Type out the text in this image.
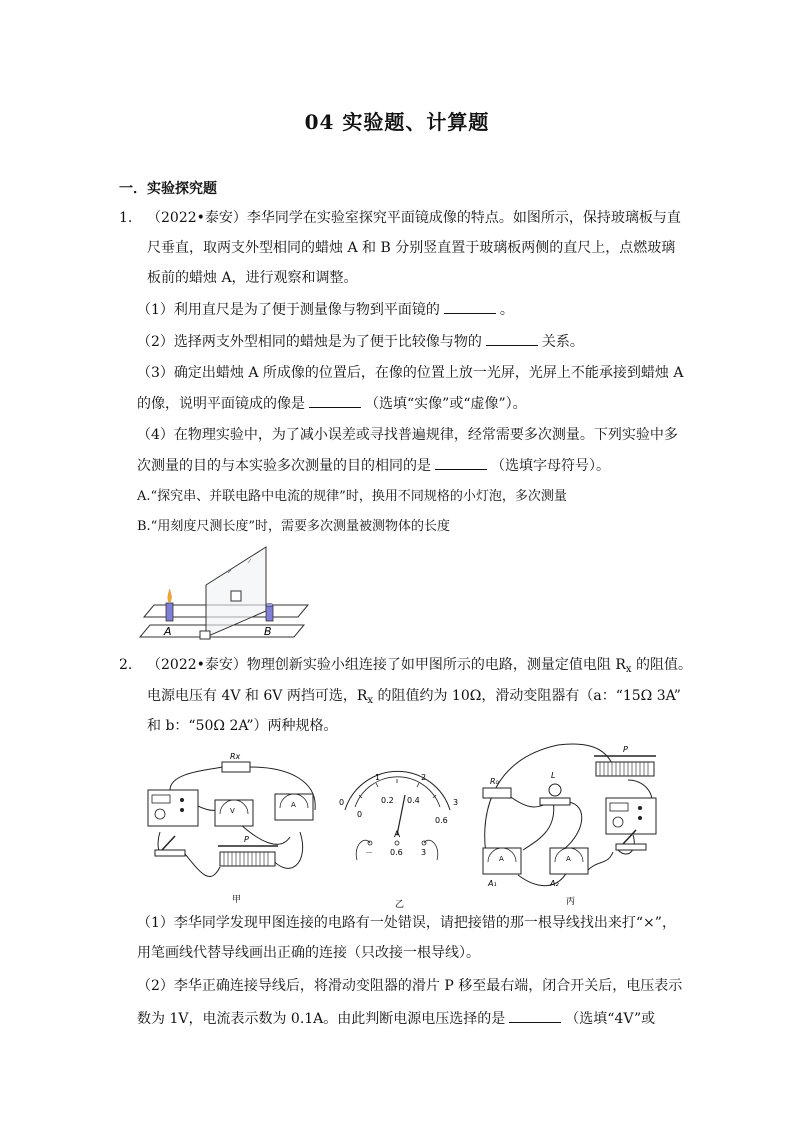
04 实验题、计算题
一．实验探究题
1. （2022•泰安）李华同学在实验室探究平面镜成像的特点。如图所示，保持玻璃板与直
尺垂直，取两支外型相同的蜡烛 A 和 B 分别竖直置于玻璃板两侧的直尺上，点燃玻璃
板前的蜡烛 A，进行观察和调整。
（1）利用直尺是为了便于测量像与物到平面镜的	。
（2）选择两支外型相同的蜡烛是为了便于比较像与物的	关系。
（3）确定出蜡烛 A 所成像的位置后，在像的位置上放一光屏，光屏上不能承接到蜡烛 A
的像，说明平面镜成的像是	（选填“实像”或“虚像”）。
（4）在物理实验中，为了减小误差或寻找普遍规律，经常需要多次测量。下列实验中多
次测量的目的与本实验多次测量的目的相同的是	（选填字母符号）。
A.“探究串、并联电路中电流的规律”时，换用不同规格的小灯泡，多次测量
B.“用刻度尺测长度”时，需要多次测量被测物体的长度
A	B
2. （2022•泰安）物理创新实验小组连接了如甲图所示的电路，测量定值电阻 $R_x$ 的阻值。
电源电压有 4V 和 6V 两挡可选，$R_x$ 的阻值约为 10Ω，滑动变阻器有（a：“15Ω 3A”
和 b：“50Ω 2A”）两种规格。
Rx
V
A
P
甲
0
1	2
3
0
0.2 0.4
0.6
A
－ 0.6 3
乙
P
R₀
L
A	A
A₁	A₂
丙
（1）李华同学发现甲图连接的电路有一处错误，请把接错的那一根导线找出来打“×”，
用笔画线代替导线画出正确的连接（只改接一根导线）。
（2）李华正确连接导线后，将滑动变阻器的滑片 P 移至最右端，闭合开关后，电压表示
数为 1V，电流表示数为 0.1A。由此判断电源电压选择的是	（选填“4V”或
